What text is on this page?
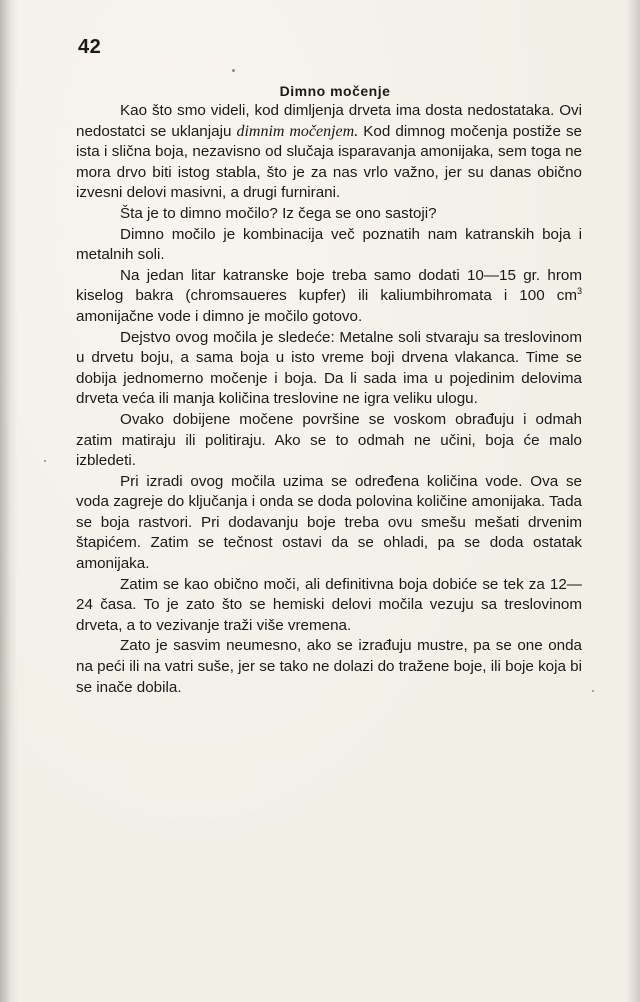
42
Dimno močenje

Kao što smo videli, kod dimljenja drveta ima dosta nedostataka. Ovi nedostatci se uklanjaju dimnim močenjem. Kod dimnog močenja postiže se ista i slična boja, nezavisno od slučaja isparavanja amonijaka, sem toga ne mora drvo biti istog stabla, što je za nas vrlo važno, jer su danas obično izvesni delovi masivni, a drugi furnirani.

Šta je to dimno močilo? Iz čega se ono sastoji?

Dimno močilo je kombinacija več poznatih nam katranskih boja i metalnih soli.

Na jedan litar katranske boje treba samo dodati 10—15 gr. hrom kiselog bakra (chromsaueres kupfer) ili kaliumbihromata i 100 $cm^3$ amonijačne vode i dimno je močilo gotovo.

Dejstvo ovog močila je sledeće: Metalne soli stvaraju sa treslovinom u drvetu boju, a sama boja u isto vreme boji drvena vlakanca. Time se dobija jednomerno močenje i boja. Da li sada ima u pojedinim delovima drveta veća ili manja količina treslovine ne igra veliku ulogu.

Ovako dobijene močene površine se voskom obrađuju i odmah zatim matiraju ili politiraju. Ako se to odmah ne učini, boja će malo izbledeti.

Pri izradi ovog močila uzima se određena količina vode. Ova se voda zagreje do ključanja i onda se doda polovina količine amonijaka. Tada se boja rastvori. Pri dodavanju boje treba ovu smešu mešati drvenim štapićem. Zatim se tečnost ostavi da se ohladi, pa se doda ostatak amonijaka.

Zatim se kao obično moči, ali definitivna boja dobiće se tek za 12—24 časa. To je zato što se hemiski delovi močila vezuju sa treslovinom drveta, a to vezivanje traži više vremena.

Zato je sasvim neumesno, ako se izrađuju mustre, pa se one onda na peći ili na vatri suše, jer se tako ne dolazi do tražene boje, ili boje koja bi se inače dobila.
